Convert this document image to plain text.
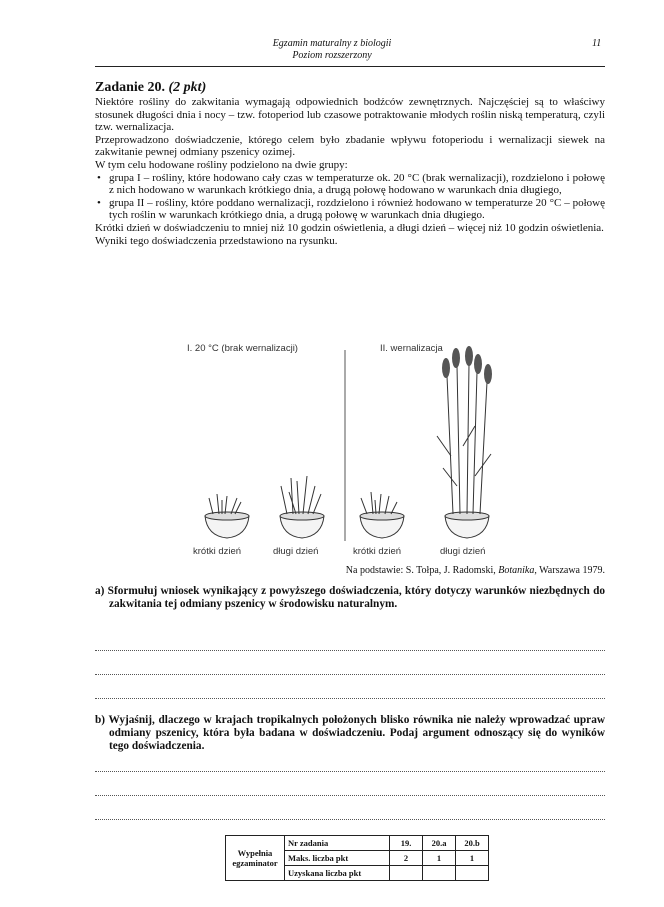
Egzamin maturalny z biologii
Poziom rozszerzony
11
Zadanie 20. (2 pkt)

Niektóre rośliny do zakwitania wymagają odpowiednich bodźców zewnętrznych. Najczęściej są to właściwy stosunek długości dnia i nocy – tzw. fotoperiod lub czasowe potraktowanie młodych roślin niską temperaturą, czyli tzw. wernalizacja.

Przeprowadzono doświadczenie, którego celem było zbadanie wpływu fotoperiodu i wernalizacji siewek na zakwitanie pewnej odmiany pszenicy ozimej.

W tym celu hodowane rośliny podzielono na dwie grupy:

• grupa I – rośliny, które hodowano cały czas w temperaturze ok. 20 °C (brak wernalizacji), rozdzielono i połowę z nich hodowano w warunkach krótkiego dnia, a drugą połowę hodowano w warunkach dnia długiego,
• grupa II – rośliny, które poddano wernalizacji, rozdzielono i również hodowano w temperaturze 20 °C – połowę tych roślin w warunkach krótkiego dnia, a drugą połowę w warunkach dnia długiego.

Krótki dzień w doświadczeniu to mniej niż 10 godzin oświetlenia, a długi dzień – więcej niż 10 godzin oświetlenia.

Wyniki tego doświadczenia przedstawiono na rysunku.

I. 20 °C (brak wernalizacji)	II. wernalizacja
krótki dzień	długi dzień	krótki dzień	długi dzień
Na podstawie: S. Tołpa, J. Radomski, Botanika, Warszawa 1979.
a) Sformułuj wniosek wynikający z powyższego doświadczenia, który dotyczy warunków niezbędnych do zakwitania tej odmiany pszenicy w środowisku naturalnym.
b) Wyjaśnij, dlaczego w krajach tropikalnych położonych blisko równika nie należy wprowadzać upraw odmiany pszenicy, która była badana w doświadczeniu. Podaj argument odnoszący się do wyników tego doświadczenia.
Wypełnia egzaminator	Nr zadania	19.	20.a	20.b
	Maks. liczba pkt	2	1	1
	Uzyskana liczba pkt			
